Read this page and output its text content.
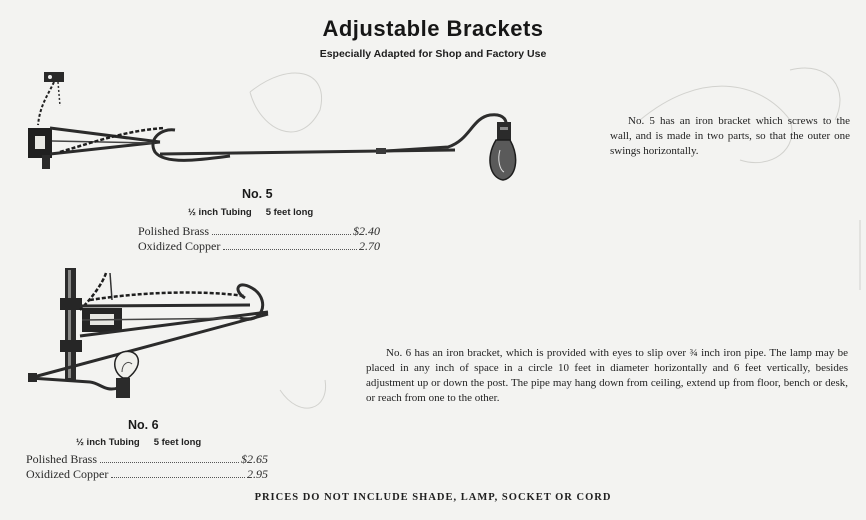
Adjustable Brackets
Especially Adapted for Shop and Factory Use
No. 5
½ inch Tubing 5 feet long
Polished Brass	$2.40
Oxidized Copper	2.70
No. 5 has an iron bracket which screws to the wall, and is made in two parts, so that the outer one swings horizontally.
No. 6
½ inch Tubing 5 feet long
Polished Brass	$2.65
Oxidized Copper	2.95
No. 6 has an iron bracket, which is provided with eyes to slip over ¾ inch iron pipe. The lamp may be placed in any inch of space in a circle 10 feet in diameter horizontally and 6 feet vertically, besides adjustment up or down the post. The pipe may hang down from ceiling, extend up from floor, bench or desk, or reach from one to the other.
PRICES DO NOT INCLUDE SHADE, LAMP, SOCKET OR CORD
